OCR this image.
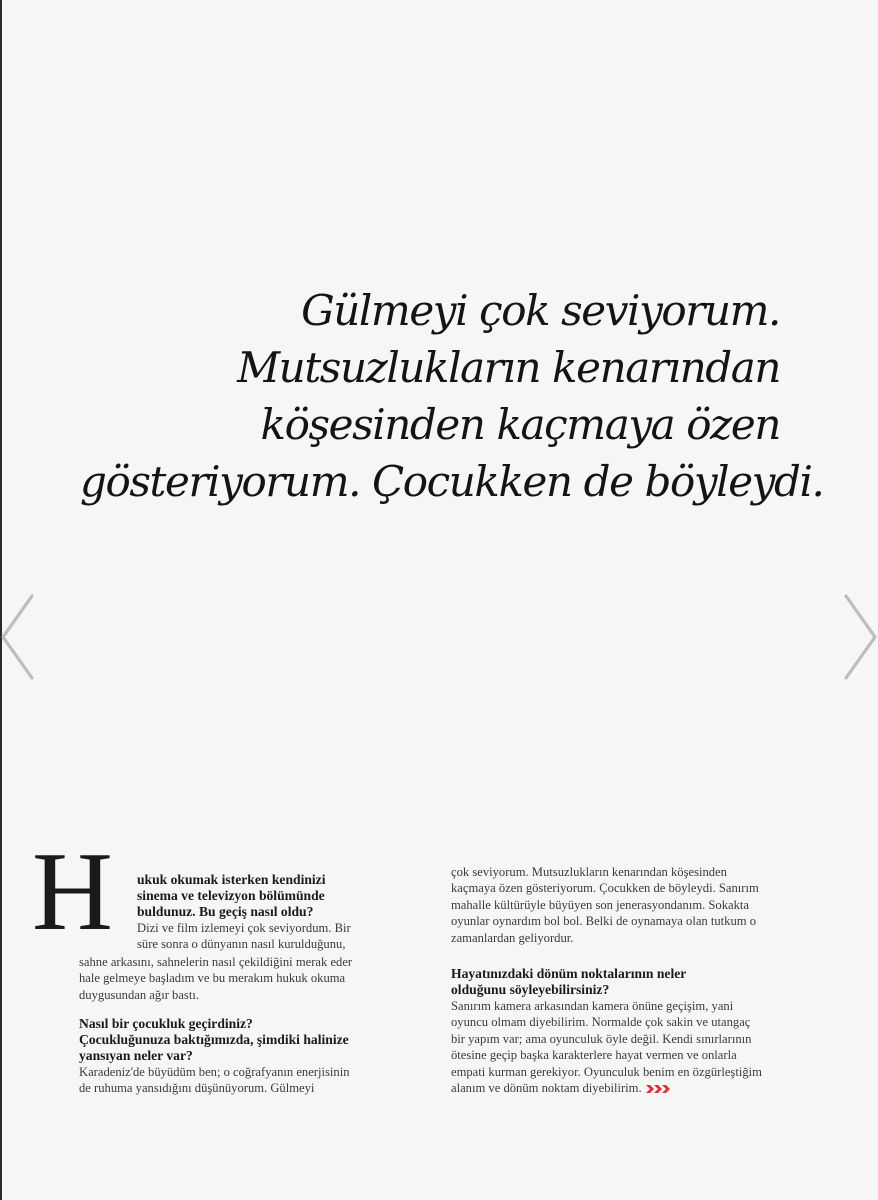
Gülmeyi çok seviyorum.
Mutsuzlukların kenarından
köşesinden kaçmaya özen
gösteriyorum. Çocukken de böyleydi.
H ukuk okumak isterken kendinizi
sinema ve televizyon bölümünde
buldunuz. Bu geçiş nasıl oldu?
Dizi ve film izlemeyi çok seviyordum. Bir
süre sonra o dünyanın nasıl kurulduğunu,
sahne arkasını, sahnelerin nasıl çekildiğini merak eder
hale gelmeye başladım ve bu merakım hukuk okuma
duygusundan ağır bastı.
Nasıl bir çocukluk geçirdiniz?
Çocukluğunuza baktığımızda, şimdiki halinize
yansıyan neler var?
Karadeniz'de büyüdüm ben; o coğrafyanın enerjisinin
de ruhuma yansıdığını düşünüyorum. Gülmeyi
çok seviyorum. Mutsuzlukların kenarından köşesinden
kaçmaya özen gösteriyorum. Çocukken de böyleydi. Sanırım
mahalle kültürüyle büyüyen son jenerasyondanım. Sokakta
oyunlar oynardım bol bol. Belki de oynamaya olan tutkum o
zamanlardan geliyordur.
Hayatınızdaki dönüm noktalarının neler
olduğunu söyleyebilirsiniz?
Sanırım kamera arkasından kamera önüne geçişim, yani
oyuncu olmam diyebilirim. Normalde çok sakin ve utangaç
bir yapım var; ama oyunculuk öyle değil. Kendi sınırlarının
ötesine geçip başka karakterlere hayat vermen ve onlarla
empati kurman gerekiyor. Oyunculuk benim en özgürleştiğim
alanım ve dönüm noktam diyebilirim.
